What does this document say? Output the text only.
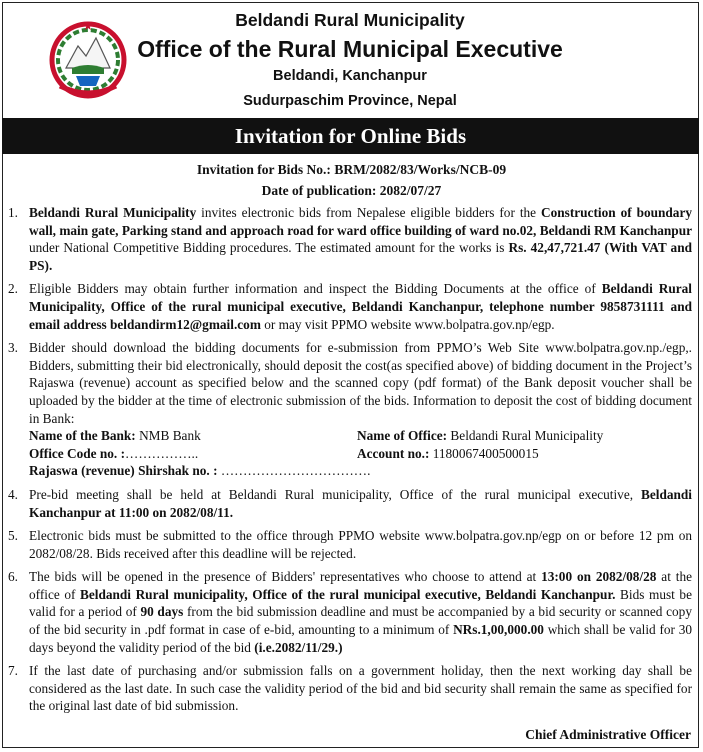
Beldandi Rural Municipality
Office of the Rural Municipal Executive
Beldandi, Kanchanpur
Sudurpaschim Province, Nepal
Invitation for Online Bids
Invitation for Bids No.: BRM/2082/83/Works/NCB-09
Date of publication: 2082/07/27
1. Beldandi Rural Municipality invites electronic bids from Nepalese eligible bidders for the Construction of boundary wall, main gate, Parking stand and approach road for ward office building of ward no.02, Beldandi RM Kanchanpur under National Competitive Bidding procedures. The estimated amount for the works is Rs. 42,47,721.47 (With VAT and PS).
2. Eligible Bidders may obtain further information and inspect the Bidding Documents at the office of Beldandi Rural Municipality, Office of the rural municipal executive, Beldandi Kanchanpur, telephone number 9858731111 and email address beldandirm12@gmail.com or may visit PPMO website www.bolpatra.gov.np/egp.
3. Bidder should download the bidding documents for e-submission from PPMO’s Web Site www.bolpatra.gov.np./egp,. Bidders, submitting their bid electronically, should deposit the cost(as specified above) of bidding document in the Project’s Rajaswa (revenue) account as specified below and the scanned copy (pdf format) of the Bank deposit voucher shall be uploaded by the bidder at the time of electronic submission of the bids. Information to deposit the cost of bidding document in Bank:
Name of the Bank: NMB Bank	Name of Office: Beldandi Rural Municipality
Office Code no. :……………..	Account no.: 1180067400500015
Rajaswa (revenue) Shirshak no. : …………………………….
4. Pre-bid meeting shall be held at Beldandi Rural municipality, Office of the rural municipal executive, Beldandi Kanchanpur at 11:00 on 2082/08/11.
5. Electronic bids must be submitted to the office through PPMO website www.bolpatra.gov.np/egp on or before 12 pm on 2082/08/28. Bids received after this deadline will be rejected.
6. The bids will be opened in the presence of Bidders' representatives who choose to attend at 13:00 on 2082/08/28 at the office of Beldandi Rural municipality, Office of the rural municipal executive, Beldandi Kanchanpur. Bids must be valid for a period of 90 days from the bid submission deadline and must be accompanied by a bid security or scanned copy of the bid security in .pdf format in case of e-bid, amounting to a minimum of NRs.1,00,000.00 which shall be valid for 30 days beyond the validity period of the bid (i.e.2082/11/29.)
7. If the last date of purchasing and/or submission falls on a government holiday, then the next working day shall be considered as the last date. In such case the validity period of the bid and bid security shall remain the same as specified for the original last date of bid submission.
Chief Administrative Officer
